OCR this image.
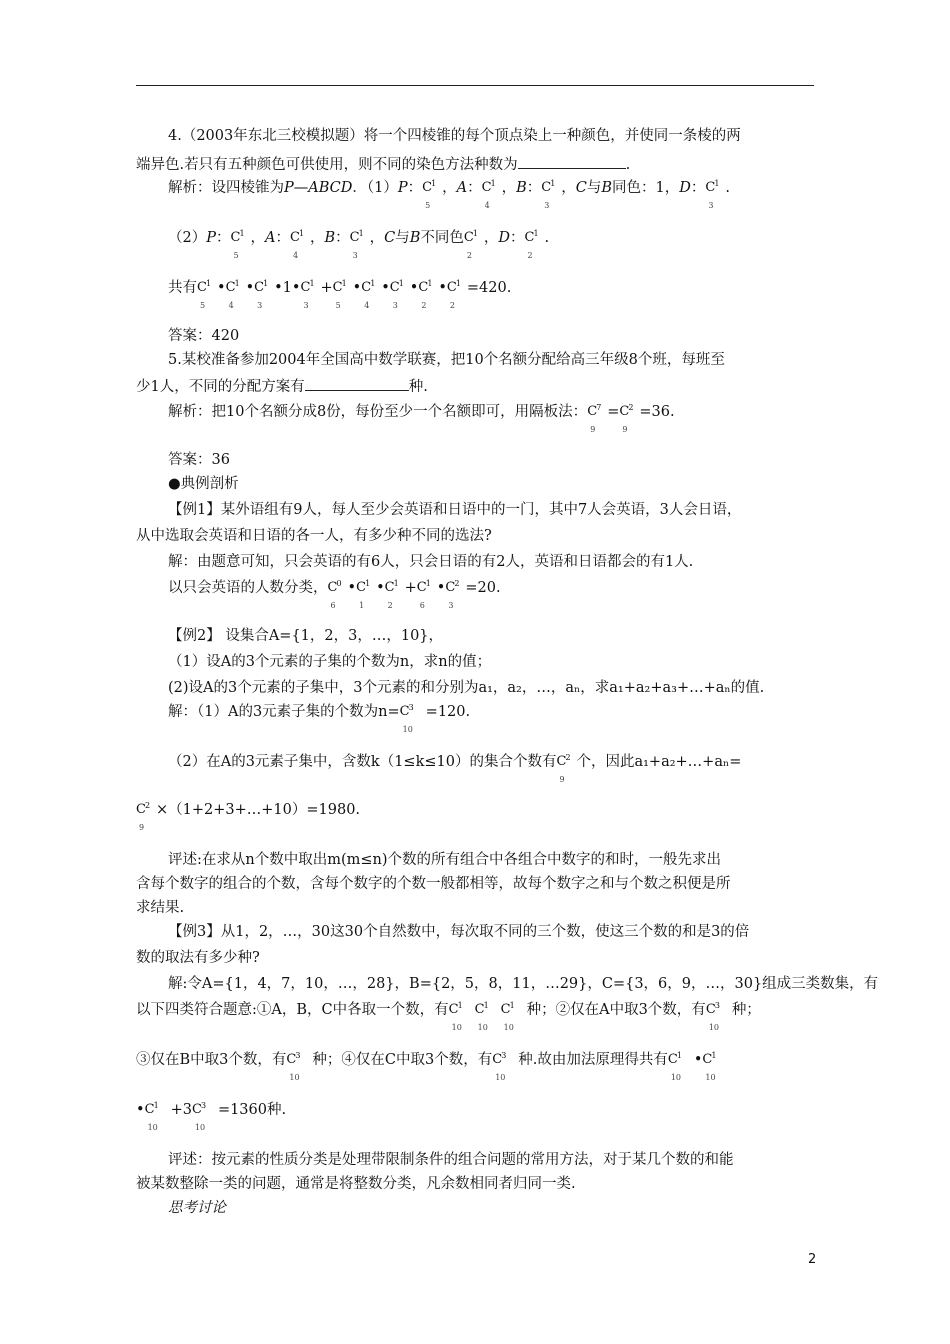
4.（2003年东北三校模拟题）将一个四棱锥的每个顶点染上一种颜色，并使同一条棱的两
端异色.若只有五种颜色可供使用，则不同的染色方法种数为	.
解析：设四棱锥为P—ABCD．（1）P： C 1
5
，A： C 1
4
，B： C 1
3
，C与B同色：1，D： C 1
3
.
（2）P： C 1
5
，A： C 1
4
，B： C 1
3
，C与B不同色 C 1
2
，D： C 1
2
.
共有 C 1
5
• C 1
4
• C 1
3
•1• C 1
3
+ C 1
5
• C 1
4
• C 1
3
• C 1
2
• C 1
2
=420.
答案：420
5.某校准备参加2004年全国高中数学联赛，把10个名额分配给高三年级8个班，每班至
少1人，不同的分配方案有	种.
解析：把10个名额分成8份，每份至少一个名额即可，用隔板法： C 7
9
= C 2
9
=36.
答案：36
●典例剖析
【例1】某外语组有9人，每人至少会英语和日语中的一门，其中7人会英语，3人会日语，
从中选取会英语和日语的各一人，有多少种不同的选法?
解：由题意可知，只会英语的有6人，只会日语的有2人，英语和日语都会的有1人.
以只会英语的人数分类， C 0
6
• C 1
1
• C 1
2
+ C 1
6
• C 2
3
=20.
【例2】 设集合A={1，2，3，…，10}，
（1）设A的3个元素的子集的个数为n，求n的值；
(2)设A的3个元素的子集中，3个元素的和分别为a₁，a₂，…，aₙ，求a₁+a₂+a₃+…+aₙ的值.
解：（1）A的3元素子集的个数为n= C 3
10
=120.
（2）在A的3元素子集中，含数k（1≤k≤10）的集合个数有 C 2
9
个，因此a₁+a₂+…+aₙ=
C 2
9
×（1+2+3+…+10）=1980.
评述:在求从n个数中取出m(m≤n)个数的所有组合中各组合中数字的和时，一般先求出
含每个数字的组合的个数，含每个数字的个数一般都相等，故每个数字之和与个数之积便是所
求结果.
【例3】从1，2，…，30这30个自然数中，每次取不同的三个数，使这三个数的和是3的倍
数的取法有多少种?
解:令A={1，4，7，10，…，28}，B={2，5，8，11，…29}，C={3，6，9，…，30}组成三类数集，有
以下四类符合题意:①A，B，C中各取一个数，有 C 1
10
C 1
10
C 1
10
种；②仅在A中取3个数，有 C 3
10
种；
③仅在B中取3个数，有 C 3
10
种；④仅在C中取3个数，有 C 3
10
种.故由加法原理得共有 C 1
10
• C 1
10
• C 1
10
+3 C 3
10
=1360种.
评述：按元素的性质分类是处理带限制条件的组合问题的常用方法，对于某几个数的和能
被某数整除一类的问题，通常是将整数分类，凡余数相同者归同一类.
思考讨论
2
